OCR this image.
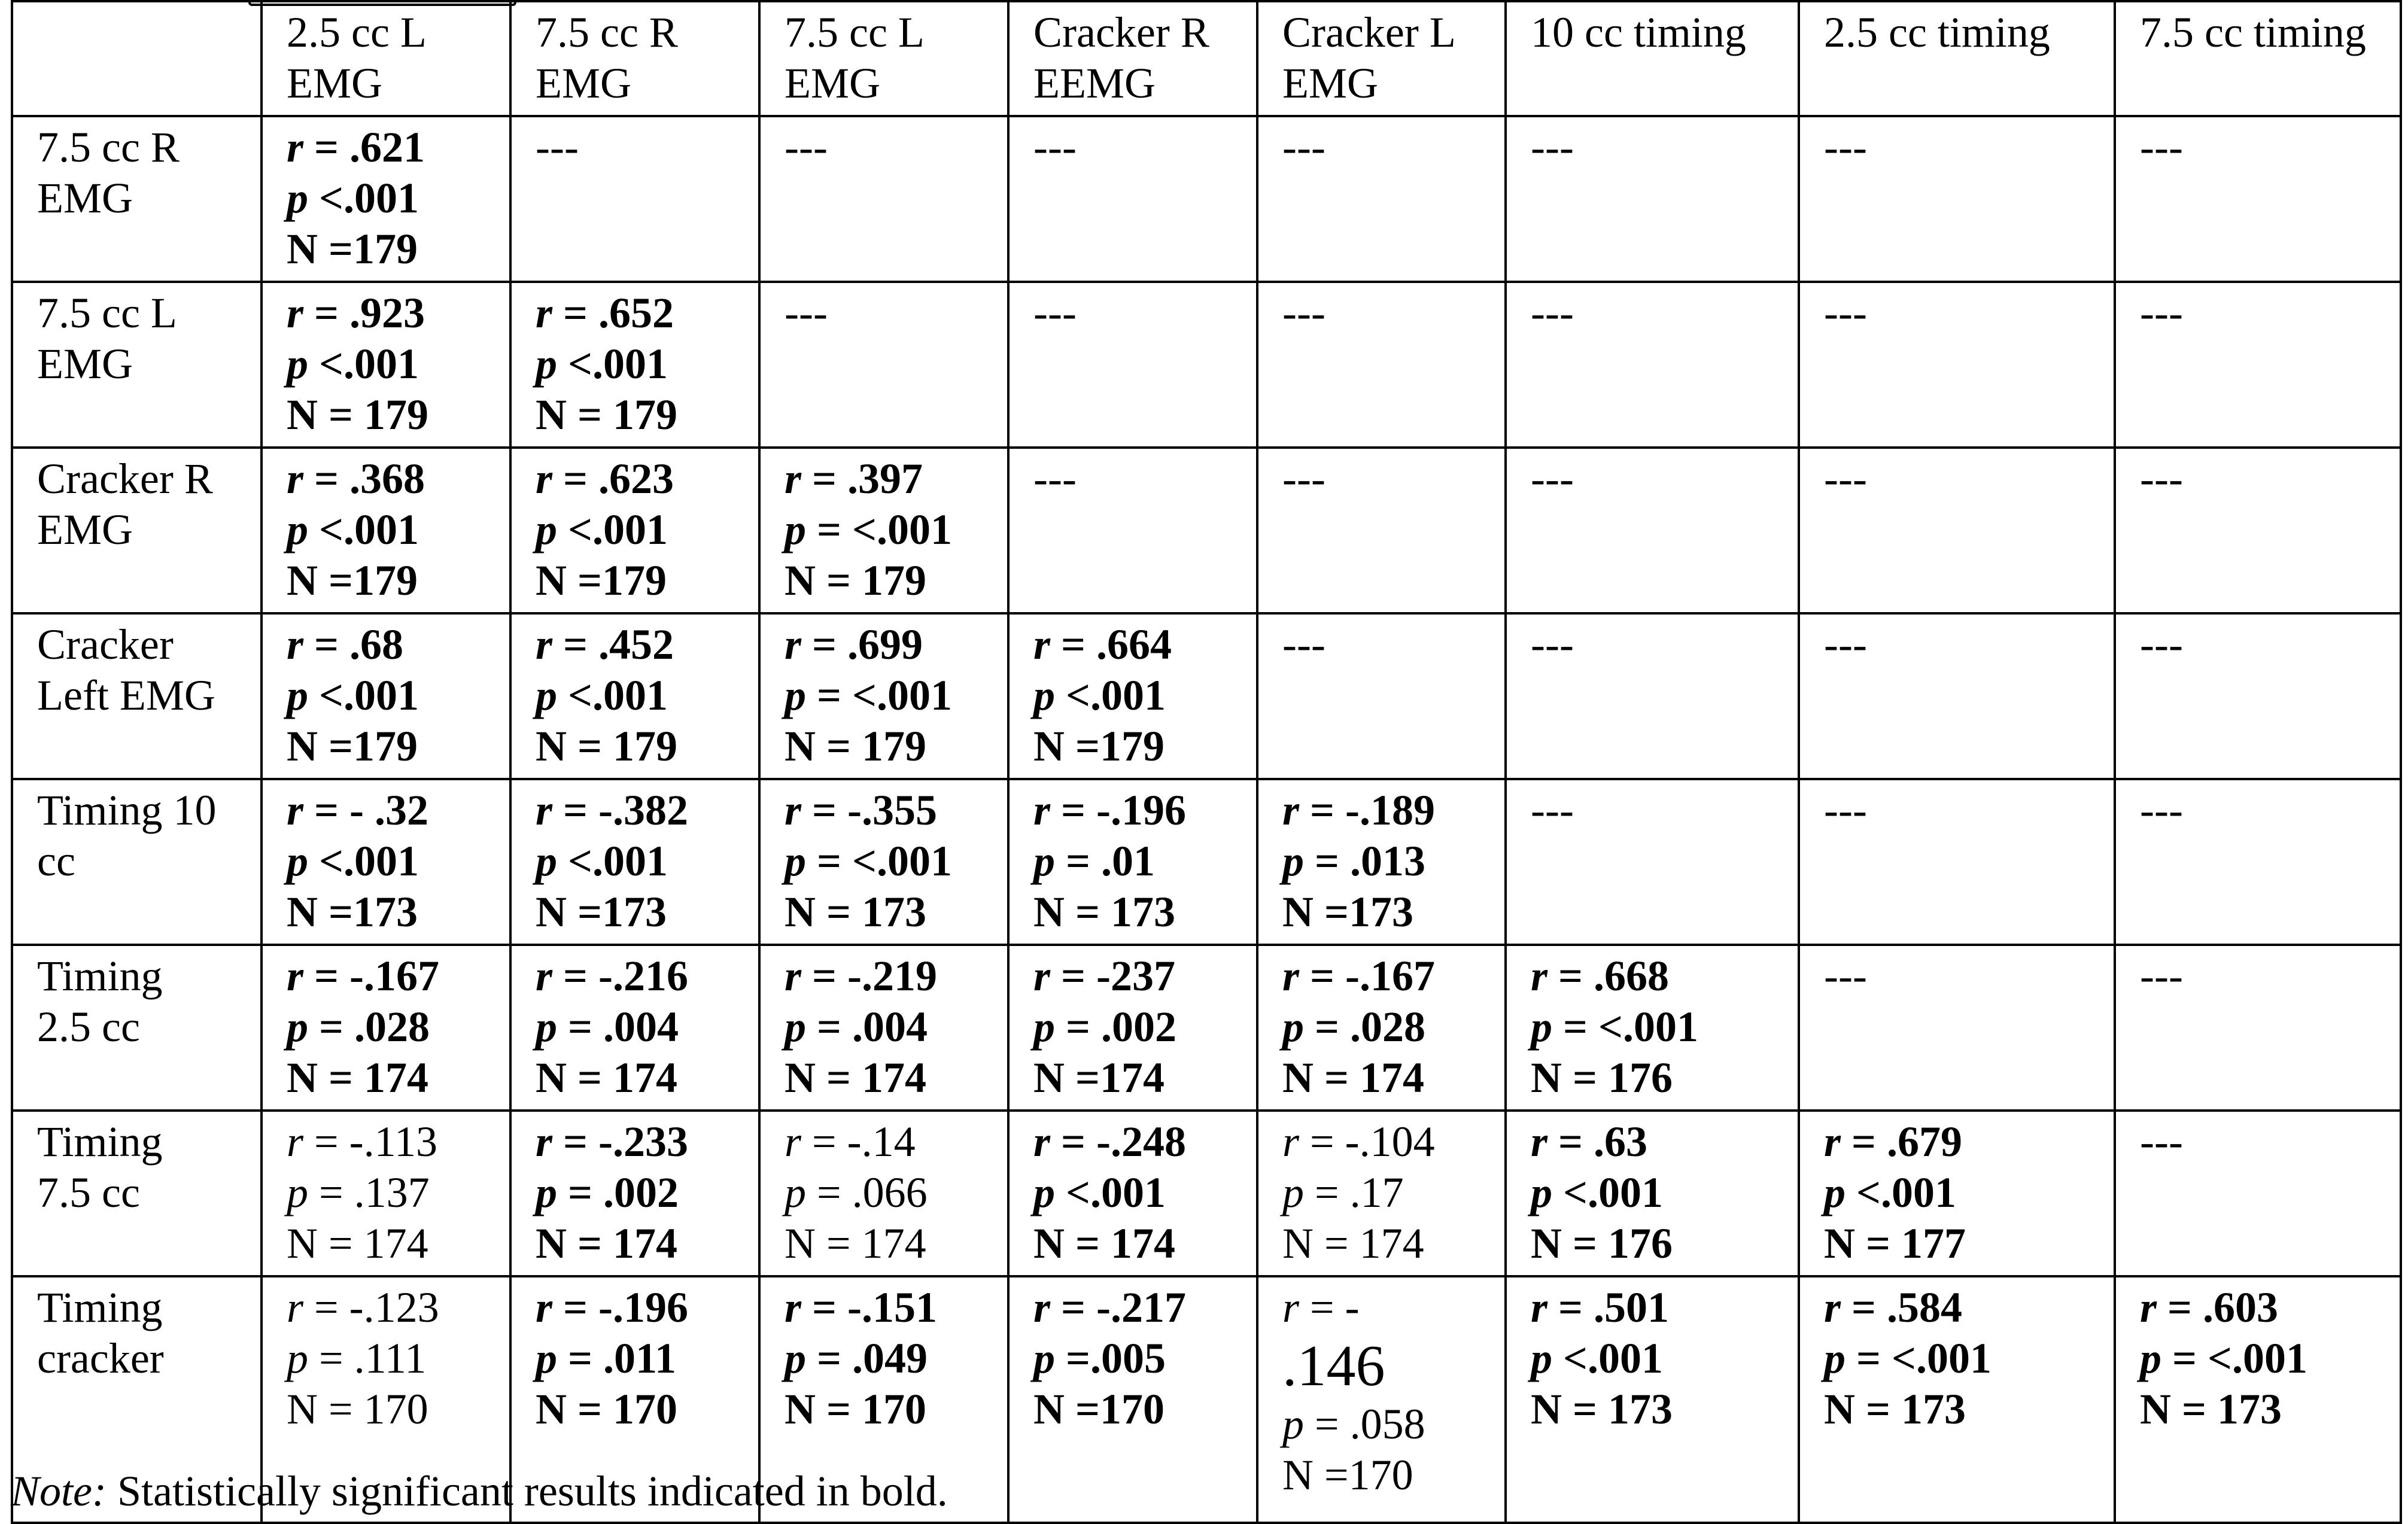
	2.5 cc L
EMG	7.5 cc R
EMG	7.5 cc L
EMG	Cracker R
EEMG	Cracker L
EMG	10 cc timing	2.5 cc timing	7.5 cc timing

7.5 cc R
EMG	r = .621
p <.001
N =179	---	---	---	---	---	---	---

7.5 cc L
EMG	r = .923
p <.001
N = 179	r = .652
p <.001
N = 179	---	---	---	---	---	---

Cracker R
EMG	r = .368
p <.001
N =179	r = .623
p <.001
N =179	r = .397
p = <.001
N = 179	---	---	---	---	---

Cracker
Left EMG	r = .68
p <.001
N =179	r = .452
p <.001
N = 179	r = .699
p = <.001
N = 179	r = .664
p <.001
N =179	---	---	---	---

Timing 10
cc	r = - .32
p <.001
N =173	r = -.382
p <.001
N =173	r = -.355
p = <.001
N = 173	r = -.196
p = .01
N = 173	r = -.189
p = .013
N =173	---	---	---

Timing
2.5 cc	r = -.167
p = .028
N = 174	r = -.216
p = .004
N = 174	r = -.219
p = .004
N = 174	r = -237
p = .002
N =174	r = -.167
p = .028
N = 174	r = .668
p = <.001
N = 176	---	---

Timing
7.5 cc	r = -.113
p = .137
N = 174	r = -.233
p = .002
N = 174	r = -.14
p = .066
N = 174	r = -.248
p <.001
N = 174	r = -.104
p = .17
N = 174	r = .63
p <.001
N = 176	r = .679
p <.001
N = 177	---

Timing
cracker	r = -.123
p = .111
N = 170	r = -.196
p = .011
N = 170	r = -.151
p = .049
N = 170	r = -.217
p =.005
N =170	r = -
.146
p = .058
N =170	r = .501
p <.001
N = 173	r = .584
p = <.001
N = 173	r = .603
p = <.001
N = 173
Note: Statistically significant results indicated in bold.
